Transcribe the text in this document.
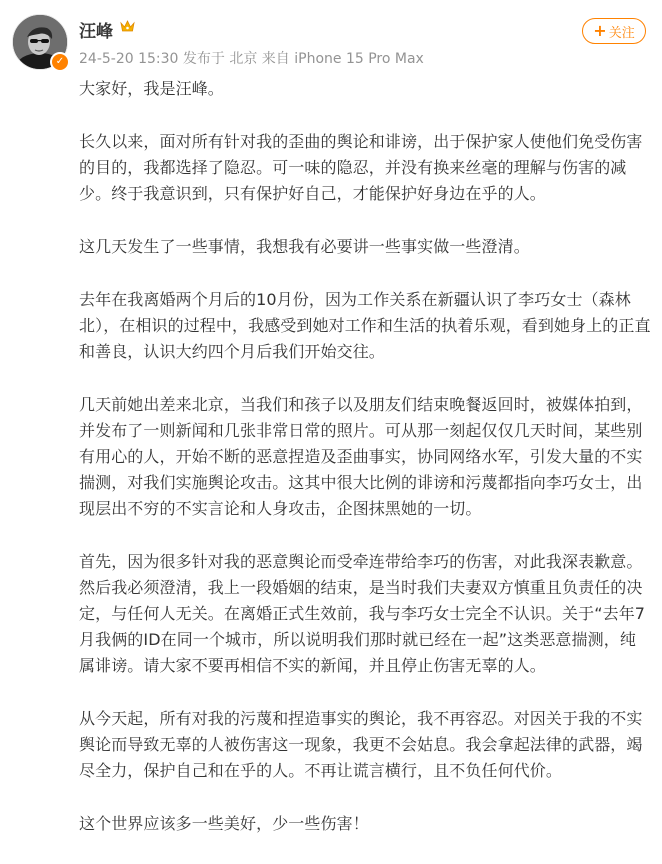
✓
汪峰
24-5-20 15:30 发布于 北京 来自 iPhone 15 Pro Max
+ 关注

大家好，我是汪峰。

长久以来，面对所有针对我的歪曲的舆论和诽谤，出于保护家人使他们免受伤害的目的，我都选择了隐忍。可一味的隐忍，并没有换来丝毫的理解与伤害的减少。终于我意识到，只有保护好自己，才能保护好身边在乎的人。

这几天发生了一些事情，我想我有必要讲一些事实做一些澄清。

去年在我离婚两个月后的10月份，因为工作关系在新疆认识了李巧女士（森林北），在相识的过程中，我感受到她对工作和生活的执着乐观，看到她身上的正直和善良，认识大约四个月后我们开始交往。

几天前她出差来北京，当我们和孩子以及朋友们结束晚餐返回时，被媒体拍到，并发布了一则新闻和几张非常日常的照片。可从那一刻起仅仅几天时间，某些别有用心的人，开始不断的恶意捏造及歪曲事实，协同网络水军，引发大量的不实揣测，对我们实施舆论攻击。这其中很大比例的诽谤和污蔑都指向李巧女士，出现层出不穷的不实言论和人身攻击，企图抹黑她的一切。

首先，因为很多针对我的恶意舆论而受牵连带给李巧的伤害，对此我深表歉意。然后我必须澄清，我上一段婚姻的结束，是当时我们夫妻双方慎重且负责任的决定，与任何人无关。在离婚正式生效前，我与李巧女士完全不认识。关于“去年7月我俩的ID在同一个城市，所以说明我们那时就已经在一起”这类恶意揣测，纯属诽谤。请大家不要再相信不实的新闻，并且停止伤害无辜的人。

从今天起，所有对我的污蔑和捏造事实的舆论，我不再容忍。对因关于我的不实舆论而导致无辜的人被伤害这一现象，我更不会姑息。我会拿起法律的武器，竭尽全力，保护自己和在乎的人。不再让谎言横行，且不负任何代价。

这个世界应该多一些美好，少一些伤害！
